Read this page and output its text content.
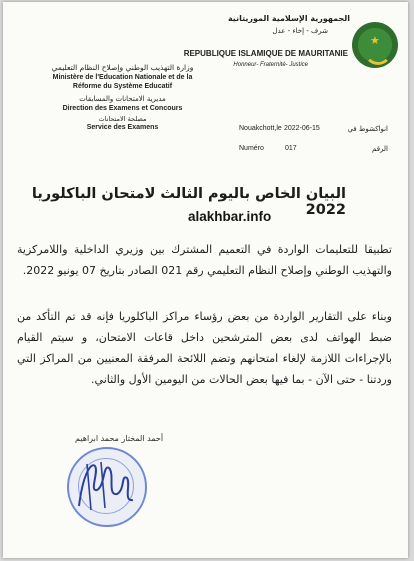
الجمهورية الإسلامية الموريتانية
شرف - إخاء - عدل
★
REPUBLIQUE ISLAMIQUE DE MAURITANIE
Honneur- Fraternité- Justice
وزارة التهذيب الوطني وإصلاح النظام التعليمي
Ministère de l'Education Nationale et de la
Réforme du Système Educatif
مديرية الامتحانات والمسابقات
Direction des Examens et Concours
مصلحة الامتحانات
Service des Examens	Nouakchott,le 2022-06-15	انواكشوط في
Numéro	017	الرقم
البيان الخاص باليوم الثالث لامتحان الباكلوريا 2022
alakhbar.info
تطبيقا للتعليمات الواردة في التعميم المشترك بين وزيري الداخلية واللامركزية والتهذيب الوطني وإصلاح النظام التعليمي رقم 021 الصادر بتاريخ 07 يونيو 2022.
وبناء على التقارير الواردة من بعض رؤساء مراكز الباكلوريا فإنه قد تم التأكد من ضبط الهواتف لدى بعض المترشحين داخل قاعات الامتحان، و سيتم القيام بالإجراءات اللازمة لإلغاء امتحانهم وتضم اللائحة المرفقة المعنيين من المراكز التي وردتنا - حتى الآن - بما فيها بعض الحالات من اليومين الأول والثاني.
أحمد المختار محمد ابراهيم
